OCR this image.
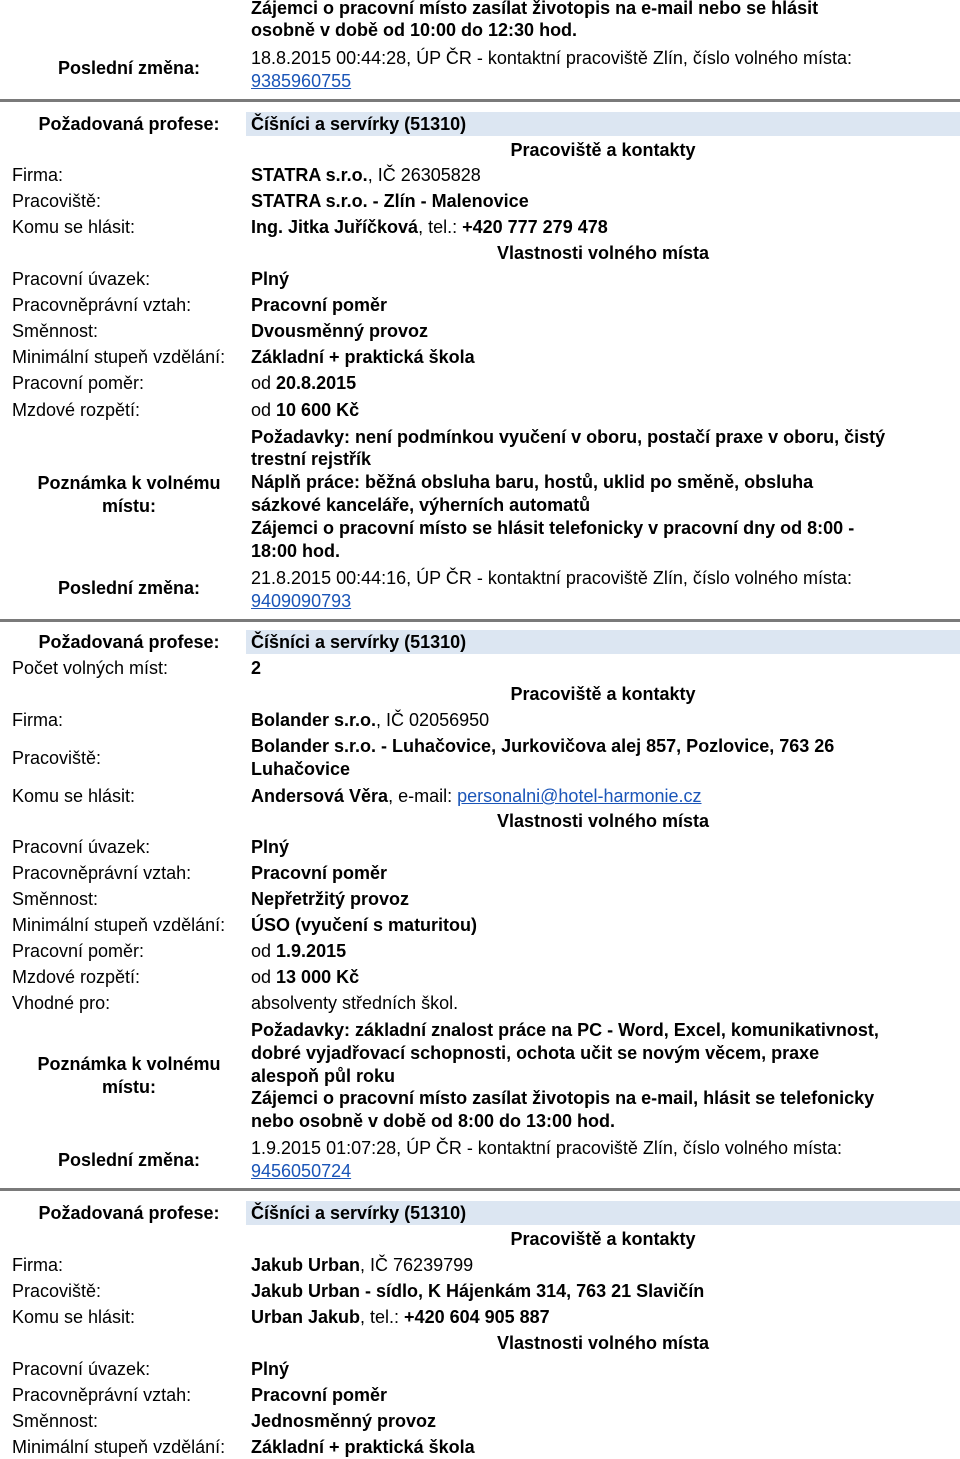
Zájemci o pracovní místo zasílat životopis na e-mail nebo se hlásit
osobně v době od 10:00 do 12:30 hod.
Poslední změna:	18.8.2015 00:44:28, ÚP ČR - kontaktní pracoviště Zlín, číslo volného místa:
9385960755
Požadovaná profese:	Číšníci a servírky (51310)
Pracoviště a kontakty
Firma:	STATRA s.r.o., IČ 26305828
Pracoviště:	STATRA s.r.o. - Zlín - Malenovice
Komu se hlásit:	Ing. Jitka Juříčková, tel.: +420 777 279 478
Vlastnosti volného místa
Pracovní úvazek:	Plný
Pracovněprávní vztah:	Pracovní poměr
Směnnost:	Dvousměnný provoz
Minimální stupeň vzdělání: Základní + praktická škola
Pracovní poměr:	od 20.8.2015
Mzdové rozpětí:	od 10 600 Kč
Poznámka k volnému
místu:
Požadavky: není podmínkou vyučení v oboru, postačí praxe v oboru, čistý
trestní rejstřík
Náplň práce: běžná obsluha baru, hostů, uklid po směně, obsluha
sázkové kanceláře, výherních automatů
Zájemci o pracovní místo se hlásit telefonicky v pracovní dny od 8:00 -
18:00 hod.
Poslední změna:	21.8.2015 00:44:16, ÚP ČR - kontaktní pracoviště Zlín, číslo volného místa:
9409090793
Požadovaná profese:	Číšníci a servírky (51310)
Počet volných míst:	2
Pracoviště a kontakty
Firma:	Bolander s.r.o., IČ 02056950
Pracoviště:
Bolander s.r.o. - Luhačovice, Jurkovičova alej 857, Pozlovice, 763 26
Luhačovice
Komu se hlásit:	Andersová Věra, e-mail: personalni@hotel-harmonie.cz
Vlastnosti volného místa
Pracovní úvazek:	Plný
Pracovněprávní vztah:	Pracovní poměr
Směnnost:	Nepřetržitý provoz
Minimální stupeň vzdělání: ÚSO (vyučení s maturitou)
Pracovní poměr:	od 1.9.2015
Mzdové rozpětí:	od 13 000 Kč
Vhodné pro:	absolventy středních škol.
Poznámka k volnému
místu:
Požadavky: základní znalost práce na PC - Word, Excel, komunikativnost,
dobré vyjadřovací schopnosti, ochota učit se novým věcem, praxe
alespoň půl roku
Zájemci o pracovní místo zasílat životopis na e-mail, hlásit se telefonicky
nebo osobně v době od 8:00 do 13:00 hod.
Poslední změna:
1.9.2015 01:07:28, ÚP ČR - kontaktní pracoviště Zlín, číslo volného místa:
9456050724
Požadovaná profese:	Číšníci a servírky (51310)
Pracoviště a kontakty
Firma:	Jakub Urban, IČ 76239799
Pracoviště:	Jakub Urban - sídlo, K Hájenkám 314, 763 21 Slavičín
Komu se hlásit:	Urban Jakub, tel.: +420 604 905 887
Vlastnosti volného místa
Pracovní úvazek:	Plný
Pracovněprávní vztah:	Pracovní poměr
Směnnost:	Jednosměnný provoz
Minimální stupeň vzdělání: Základní + praktická škola
